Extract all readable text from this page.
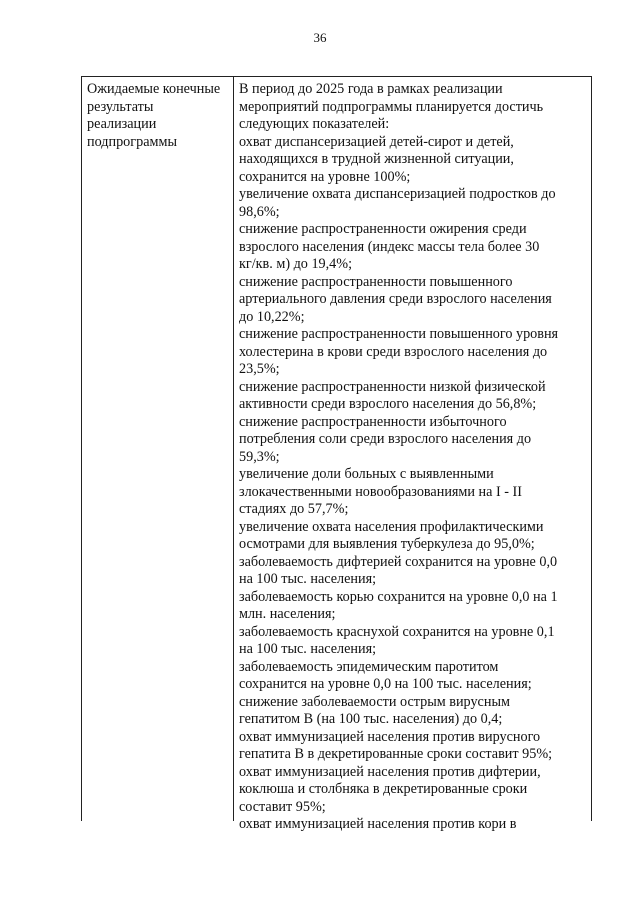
36
Ожидаемые конечные
результаты
реализации
подпрограммы
В период до 2025 года в рамках реализации
мероприятий подпрограммы планируется достичь
следующих показателей:
охват диспансеризацией детей-сирот и детей,
находящихся в трудной жизненной ситуации,
сохранится на уровне 100%;
увеличение охвата диспансеризацией подростков до
98,6%;
снижение распространенности ожирения среди
взрослого населения (индекс массы тела более 30
кг/кв. м) до 19,4%;
снижение распространенности повышенного
артериального давления среди взрослого населения
до 10,22%;
снижение распространенности повышенного уровня
холестерина в крови среди взрослого населения до
23,5%;
снижение распространенности низкой физической
активности среди взрослого населения до 56,8%;
снижение распространенности избыточного
потребления соли среди взрослого населения до
59,3%;
увеличение доли больных с выявленными
злокачественными новообразованиями на I - II
стадиях до 57,7%;
увеличение охвата населения профилактическими
осмотрами для выявления туберкулеза до 95,0%;
заболеваемость дифтерией сохранится на уровне 0,0
на 100 тыс. населения;
заболеваемость корью сохранится на уровне 0,0 на 1
млн. населения;
заболеваемость краснухой сохранится на уровне 0,1
на 100 тыс. населения;
заболеваемость эпидемическим паротитом
сохранится на уровне 0,0 на 100 тыс. населения;
снижение заболеваемости острым вирусным
гепатитом В (на 100 тыс. населения) до 0,4;
охват иммунизацией населения против вирусного
гепатита В в декретированные сроки составит 95%;
охват иммунизацией населения против дифтерии,
коклюша и столбняка в декретированные сроки
составит 95%;
охват иммунизацией населения против кори в
